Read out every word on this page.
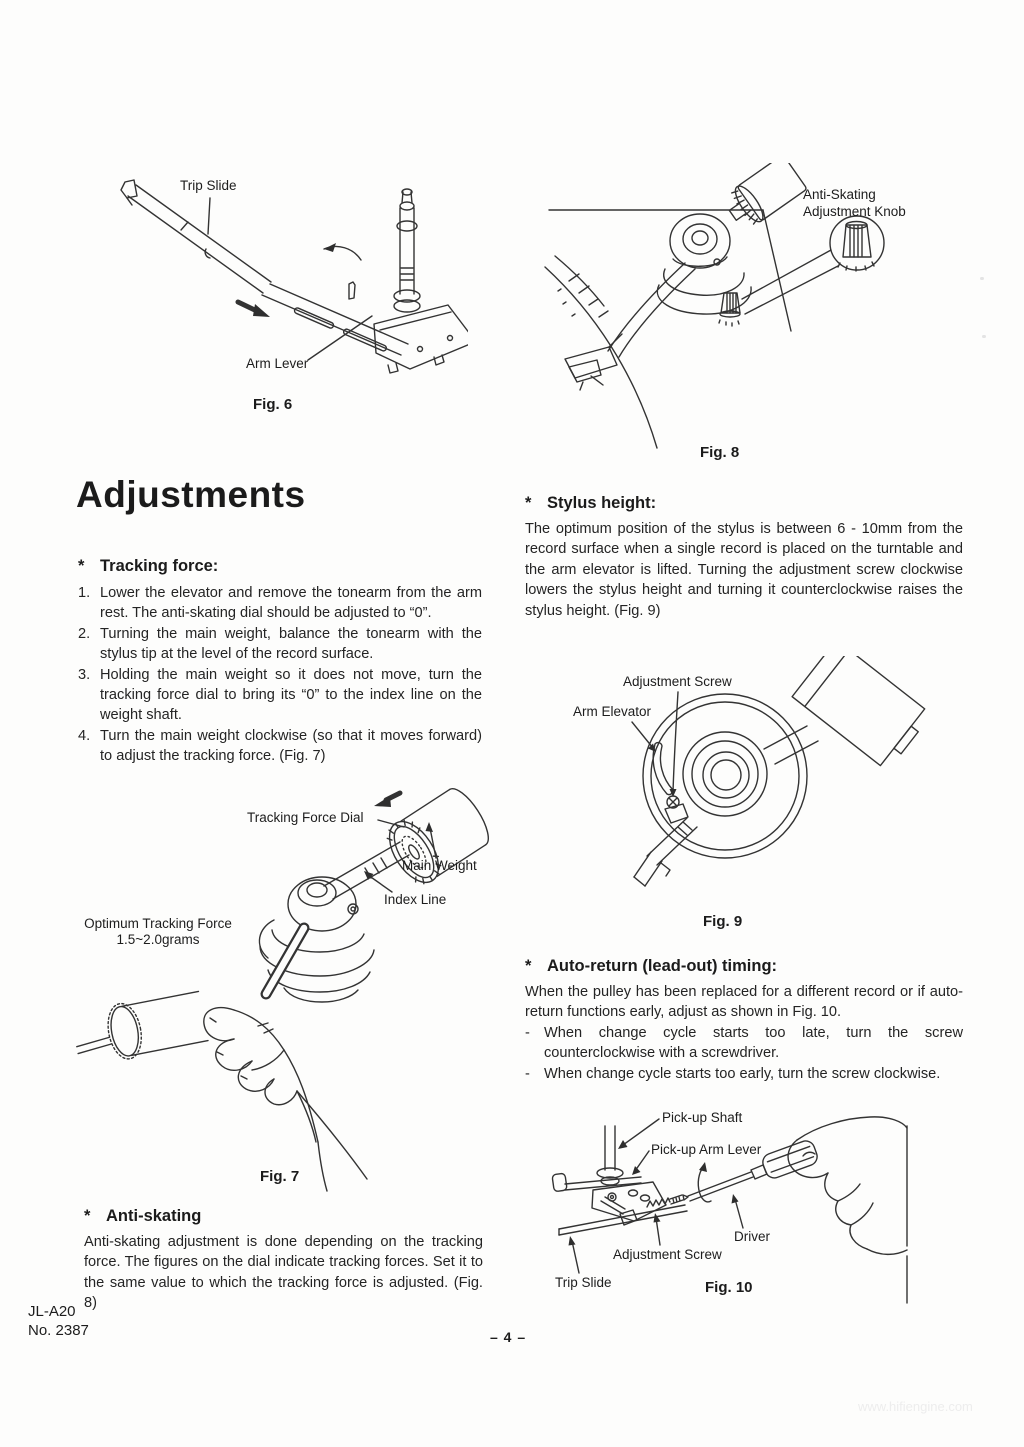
Trip Slide
Arm Lever
Fig. 6
Anti-Skating
Adjustment Knob
Fig. 8
Adjustments
* Tracking force:
1. Lower the elevator and remove the tonearm from the arm rest. The anti-skating dial should be adjusted to “0”.
2. Turning the main weight, balance the tonearm with the stylus tip at the level of the record surface.
3. Holding the main weight so it does not move, turn the tracking force dial to bring its “0” to the index line on the weight shaft.
4. Turn the main weight clockwise (so that it moves forward) to adjust the tracking force. (Fig. 7)
* Stylus height:

The optimum position of the stylus is between 6 - 10mm from the record surface when a single record is placed on the turntable and the arm elevator is lifted. Turning the adjustment screw clockwise lowers the stylus height and turning it counterclockwise raises the stylus height. (Fig. 9)

Adjustment Screw
Arm Elevator
Fig. 9
Tracking Force Dial
Main Weight
Index Line
Optimum Tracking Force
1.5~2.0grams
Fig. 7
* Auto-return (lead-out) timing:

When the pulley has been replaced for a different record or if auto-return functions early, adjust as shown in Fig. 10.

- When change cycle starts too late, turn the screw counterclockwise with a screwdriver.
- When change cycle starts too early, turn the screw clockwise.
Pick-up Shaft
Pick-up Arm Lever
Driver
Adjustment Screw
Trip Slide	Fig. 10
* Anti-skating

Anti-skating adjustment is done depending on the tracking force. The figures on the dial indicate tracking forces. Set it to the same value to which the tracking force is adjusted. (Fig. 8)

JL-A20
No. 2387	– 4 –
www.hifiengine.com
